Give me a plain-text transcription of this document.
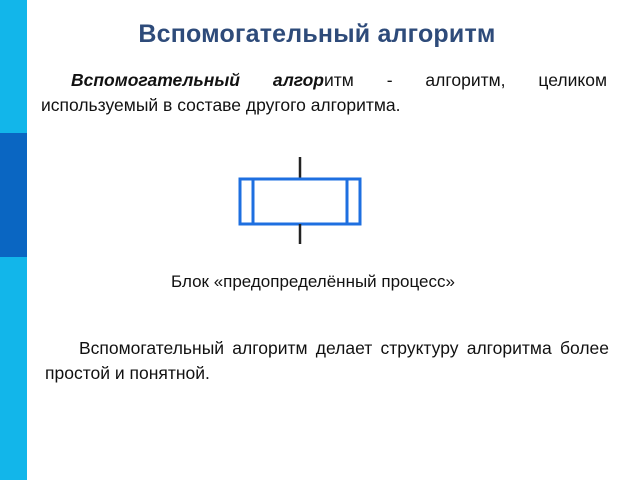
Вспомогательный алгоритм
Вспомогательный алгоритм - алгоритм, целиком используемый в составе другого алгоритма.
Блок «предопределённый процесс»
Вспомогательный алгоритм делает структуру алгоритма более простой и понятной.
